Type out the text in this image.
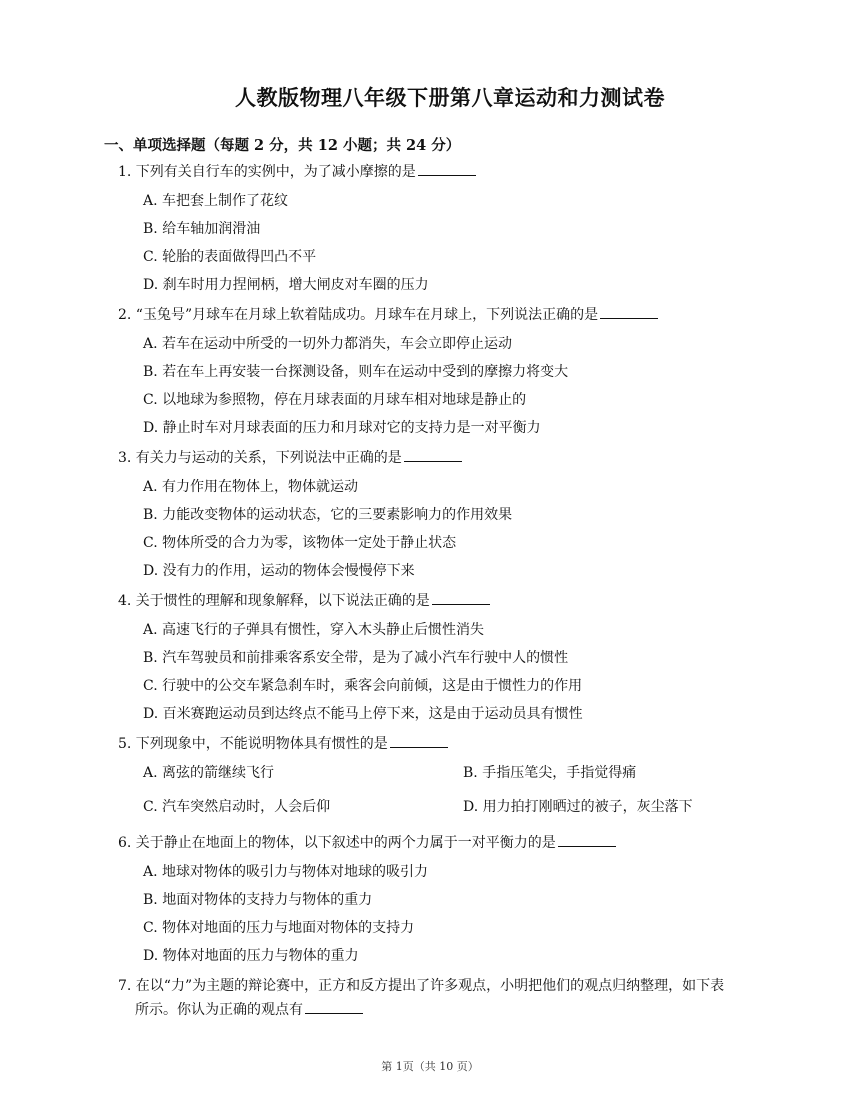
人教版物理八年级下册第八章运动和力测试卷
一、单项选择题（每题 2 分，共 12 小题；共 24 分）
1. 下列有关自行车的实例中，为了减小摩擦的是
A. 车把套上制作了花纹
B. 给车轴加润滑油
C. 轮胎的表面做得凹凸不平
D. 刹车时用力捏闸柄，增大闸皮对车圈的压力
2. “玉兔号”月球车在月球上软着陆成功。月球车在月球上，下列说法正确的是
A. 若车在运动中所受的一切外力都消失，车会立即停止运动
B. 若在车上再安装一台探测设备，则车在运动中受到的摩擦力将变大
C. 以地球为参照物，停在月球表面的月球车相对地球是静止的
D. 静止时车对月球表面的压力和月球对它的支持力是一对平衡力
3. 有关力与运动的关系，下列说法中正确的是
A. 有力作用在物体上，物体就运动
B. 力能改变物体的运动状态，它的三要素影响力的作用效果
C. 物体所受的合力为零，该物体一定处于静止状态
D. 没有力的作用，运动的物体会慢慢停下来
4. 关于惯性的理解和现象解释，以下说法正确的是
A. 高速飞行的子弹具有惯性，穿入木头静止后惯性消失
B. 汽车驾驶员和前排乘客系安全带，是为了减小汽车行驶中人的惯性
C. 行驶中的公交车紧急刹车时，乘客会向前倾，这是由于惯性力的作用
D. 百米赛跑运动员到达终点不能马上停下来，这是由于运动员具有惯性
5. 下列现象中，不能说明物体具有惯性的是
A. 离弦的箭继续飞行	B. 手指压笔尖，手指觉得痛
C. 汽车突然启动时，人会后仰	D. 用力拍打刚晒过的被子，灰尘落下
6. 关于静止在地面上的物体，以下叙述中的两个力属于一对平衡力的是
A. 地球对物体的吸引力与物体对地球的吸引力
B. 地面对物体的支持力与物体的重力
C. 物体对地面的压力与地面对物体的支持力
D. 物体对地面的压力与物体的重力
7. 在以“力”为主题的辩论赛中，正方和反方提出了许多观点，小明把他们的观点归纳整理，如下表
所示。你认为正确的观点有
第 1页（共 10 页）
